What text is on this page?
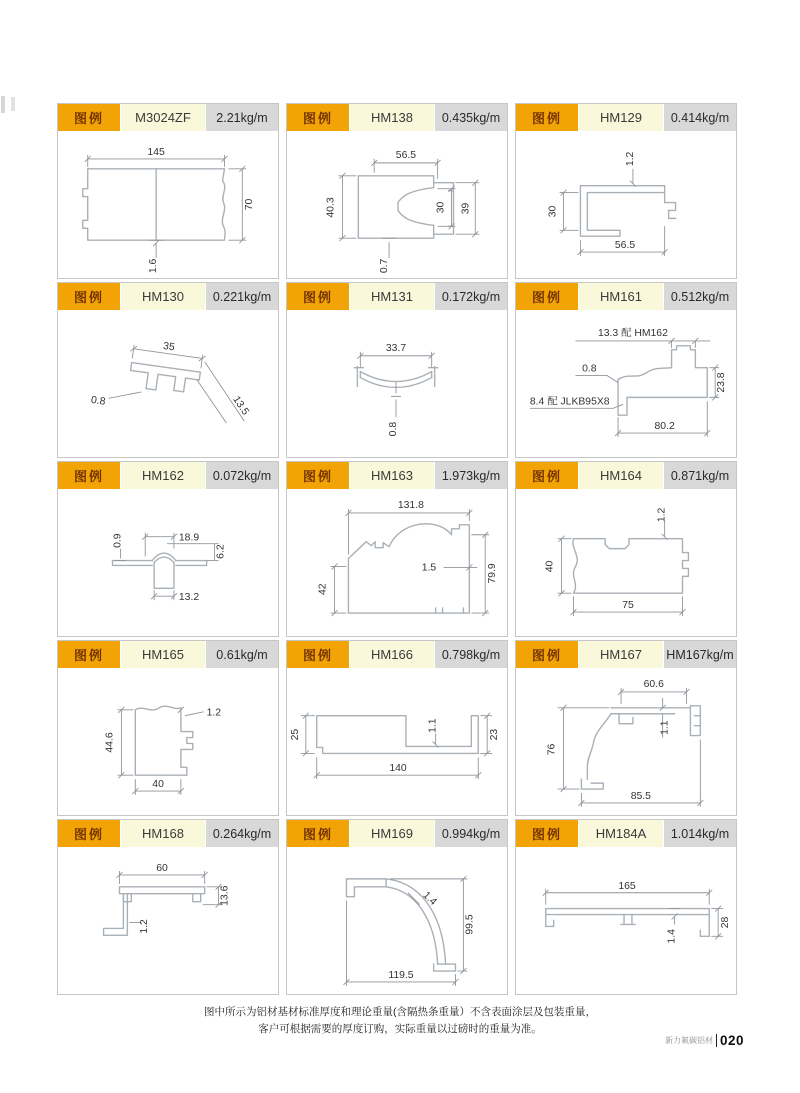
图例	M3024ZF	2.21kg/m
145
70
1.6
图例	HM138	0.435kg/m
56.5
40.3	30 39
0.7
图例	HM129	0.414kg/m
1.2
30
56.5
图例	HM130	0.221kg/m
35
0.8	13.5
图例	HM131	0.172kg/m
33.7
0.8
图例	HM161	0.512kg/m
13.3 配 HM162
0.8
8.4 配 JLKB95X8
80.2
23.8
图例	HM162	0.072kg/m
18.9
0.9
6.2
13.2
图例	HM163	1.973kg/m
131.8
1.5
42
79.9
图例	HM164	0.871kg/m
1.2
40
75
图例	HM165	0.61kg/m
44.6
1.2
40
图例	HM166	0.798kg/m
25
1.1
23
140
图例	HM167	HM167kg/m
60.6
1.1
76
85.5
图例	HM168	0.264kg/m
60
13.6
1.2
图例	HM169	0.994kg/m
1.4
99.5
119.5
图例	HM184A	1.014kg/m
165
1.4
28
图中所示为铝材基材标准厚度和理论重量(含隔热条重量）不含表面涂层及包装重量，
客户可根据需要的厚度订购，实际重量以过磅时的重量为准。
新力氟碳铝材 020
